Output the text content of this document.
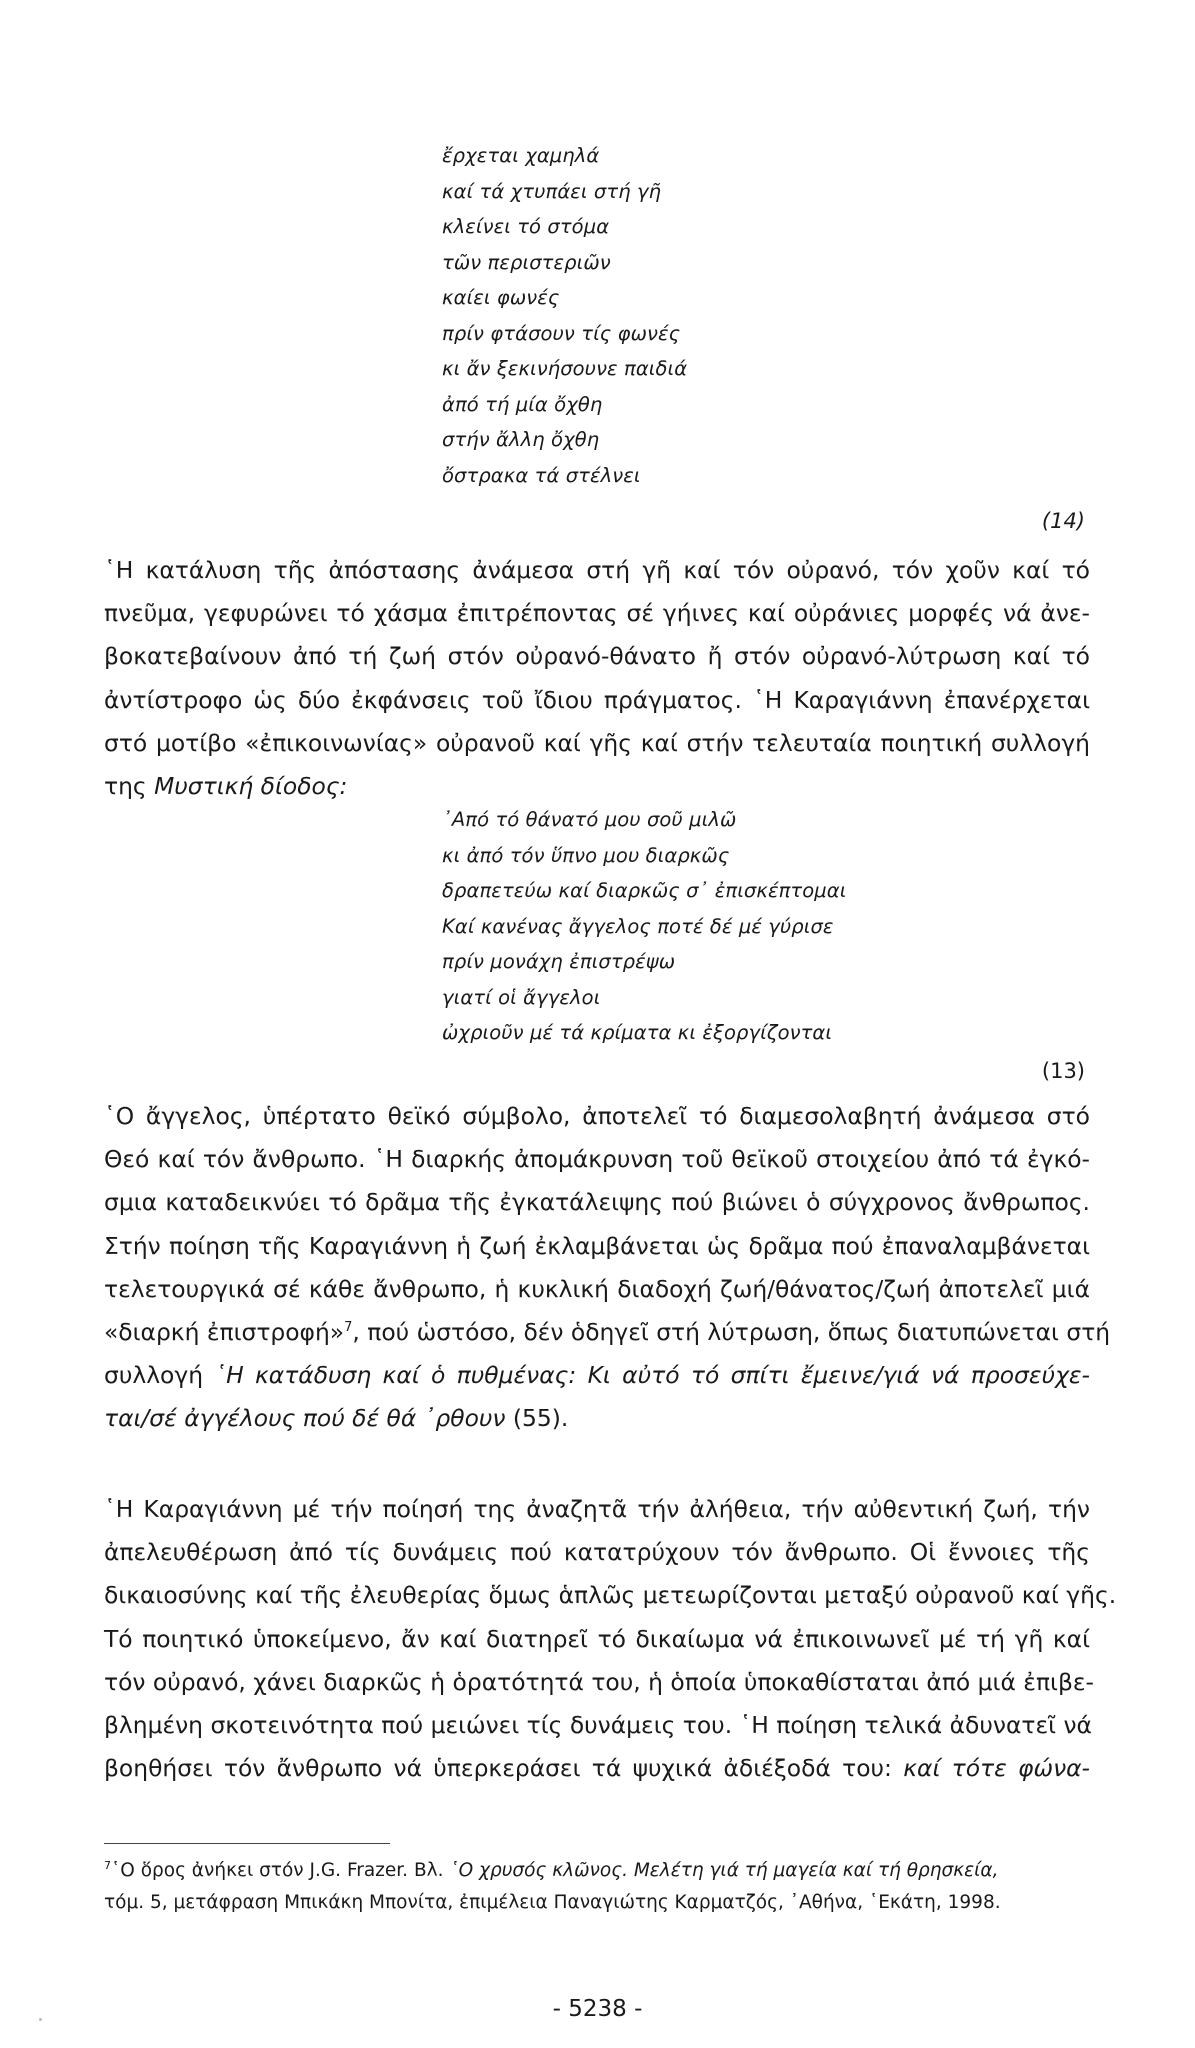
ἔρχεται χαμηλά
καί τά χτυπάει στή γῆ
κλείνει τό στόμα
τῶν περιστεριῶν
καίει φωνές
πρίν φτάσουν τίς φωνές
κι ἄν ξεκινήσουνε παιδιά
ἀπό τή μία ὄχθη
στήν ἄλλη ὄχθη
ὄστρακα τά στέλνει
(14)
῾Η κατάλυση τῆς ἀπόστασης ἀνάμεσα στή γῆ καί τόν οὐρανό, τόν χοῦν καί τό
πνεῦμα, γεφυρώνει τό χάσμα ἐπιτρέποντας σέ γήινες καί οὐράνιες μορφές νά ἀνε-
βοκατεβαίνουν ἀπό τή ζωή στόν οὐρανό-θάνατο ἤ στόν οὐρανό-λύτρωση καί τό
ἀντίστροφο ὡς δύο ἐκφάνσεις τοῦ ἴδιου πράγματος. ῾Η Καραγιάννη ἐπανέρχεται
στό μοτίβο «ἐπικοινωνίας» οὐρανοῦ καί γῆς καί στήν τελευταία ποιητική συλλογή
της Μυστική δίοδος:
᾿Από τό θάνατό μου σοῦ μιλῶ
κι ἀπό τόν ὕπνο μου διαρκῶς
δραπετεύω καί διαρκῶς σ᾿ ἐπισκέπτομαι
Καί κανένας ἄγγελος ποτέ δέ μέ γύρισε
πρίν μονάχη ἐπιστρέψω
γιατί οἱ ἄγγελοι
ὠχριοῦν μέ τά κρίματα κι ἐξοργίζονται
(13)
῾Ο ἄγγελος, ὑπέρτατο θεϊκό σύμβολο, ἀποτελεῖ τό διαμεσολαβητή ἀνάμεσα στό
Θεό καί τόν ἄνθρωπο. ῾Η διαρκής ἀπομάκρυνση τοῦ θεϊκοῦ στοιχείου ἀπό τά ἐγκό-
σμια καταδεικνύει τό δρᾶμα τῆς ἐγκατάλειψης πού βιώνει ὁ σύγχρονος ἄνθρωπος.
Στήν ποίηση τῆς Καραγιάννη ἡ ζωή ἐκλαμβάνεται ὡς δρᾶμα πού ἐπαναλαμβάνεται
τελετουργικά σέ κάθε ἄνθρωπο, ἡ κυκλική διαδοχή ζωή/θάνατος/ζωή ἀποτελεῖ μιά
«διαρκή ἐπιστροφή»$^7$, πού ὡστόσο, δέν ὁδηγεῖ στή λύτρωση, ὅπως διατυπώνεται στή
συλλογή ῾Η κατάδυση καί ὁ πυθμένας: Κι αὐτό τό σπίτι ἔμεινε/γιά νά προσεύχε-
ται/σέ ἀγγέλους πού δέ θά ᾿ρθουν (55).
῾Η Καραγιάννη μέ τήν ποίησή της ἀναζητᾶ τήν ἀλήθεια, τήν αὐθεντική ζωή, τήν
ἀπελευθέρωση ἀπό τίς δυνάμεις πού κατατρύχουν τόν ἄνθρωπο. Οἱ ἔννοιες τῆς
δικαιοσύνης καί τῆς ἐλευθερίας ὅμως ἁπλῶς μετεωρίζονται μεταξύ οὐρανοῦ καί γῆς.
Τό ποιητικό ὑποκείμενο, ἄν καί διατηρεῖ τό δικαίωμα νά ἐπικοινωνεῖ μέ τή γῆ καί
τόν οὐρανό, χάνει διαρκῶς ἡ ὁρατότητά του, ἡ ὁποία ὑποκαθίσταται ἀπό μιά ἐπιβε-
βλημένη σκοτεινότητα πού μειώνει τίς δυνάμεις του. ῾Η ποίηση τελικά ἀδυνατεῖ νά
βοηθήσει τόν ἄνθρωπο νά ὑπερκεράσει τά ψυχικά ἀδιέξοδά του: καί τότε φώνα-
$^7$῾Ο ὅρος ἀνήκει στόν J.G. Frazer. Βλ. ῾Ο χρυσός κλῶνος. Μελέτη γιά τή μαγεία καί τή θρησκεία,
τόμ. 5, μετάφραση Μπικάκη Μπονίτα, ἐπιμέλεια Παναγιώτης Καρματζός, ᾿Αθήνα, ῾Εκάτη, 1998.
- 5238 -
